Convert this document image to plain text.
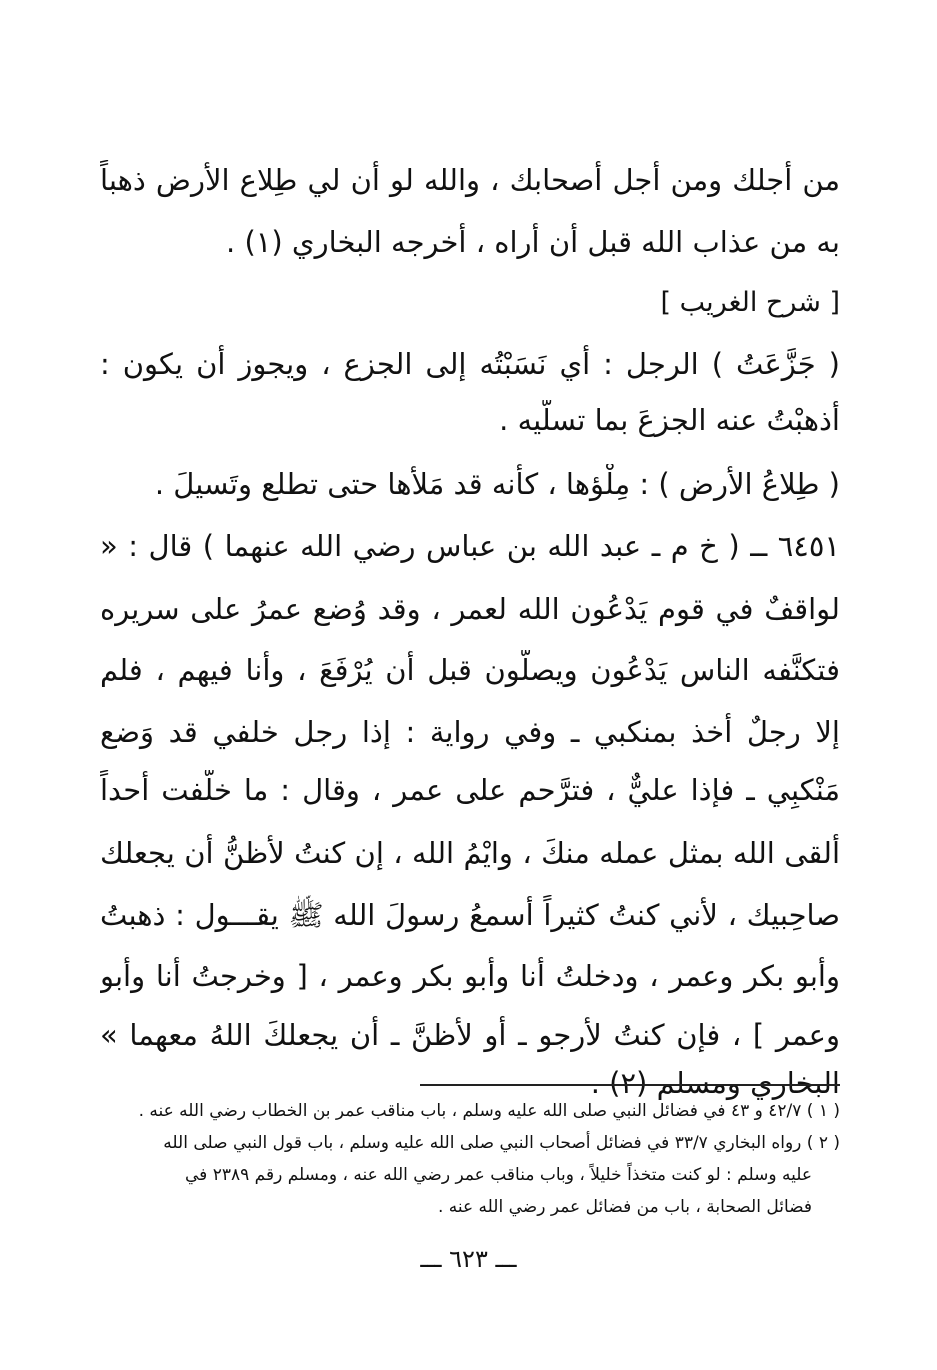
من أجلك ومن أجل أصحابك ، والله لو أن لي طِلاع الأرض ذهباً
به من عذاب الله قبل أن أراه ، أخرجه البخاري (١) .
[ شرح الغريب ]
( جَزَّعَتُ ) الرجل : أي نَسَبْتُه إلى الجزع ، ويجوز أن يكون :
أذهبْتُ عنه الجزعَ بما تسلّيه .
( طِلاعُ الأرض ) : مِلْؤها ، كأنه قد مَلأها حتى تطلع وتَسيلَ .
٦٤٥١ ــ ( خ م ـ عبد الله بن عباس رضي الله عنهما ) قال : «
لواقفٌ في قوم يَدْعُون الله لعمر ، وقد وُضع عمرُ على سريره
فتكنَّفه الناس يَدْعُون ويصلُّون قبل أن يُرْفَعَ ، وأنا فيهم ، فلم
إلا رجلٌ أخذ بمنكبي ـ وفي رواية : إذا رجل خلفي قد وَضع
مَنْكبِي ـ فإذا عليٌّ ، فترَّحم على عمر ، وقال : ما خلَّفت أحداً
ألقى الله بمثل عمله منكَ ، وايْمُ الله ، إن كنتُ لأظنُّ أن يجعلك
صاحِبيك ، لأني كنتُ كثيراً أسمعُ رسولَ الله ﷺ يقـــول : ذهبتُ
وأبو بكر وعمر ، ودخلتُ أنا وأبو بكر وعمر ، [ وخرجتُ أنا وأبو
وعمر ] ، فإن كنتُ لأرجو ـ أو لأظنَّ ـ أن يجعلكَ اللهُ معهما »
البخاري ومسلم (٢) .
( ١ ) ٤٢/٧ و ٤٣ في فضائل النبي صلى الله عليه وسلم ، باب مناقب عمر بن الخطاب رضي الله عنه .
( ٢ ) رواه البخاري ٣٣/٧ في فضائل أصحاب النبي صلى الله عليه وسلم ، باب قول النبي صلى الله
عليه وسلم : لو كنت متخذاً خليلاً ، وباب مناقب عمر رضي الله عنه ، ومسلم رقم ٢٣٨٩ في
فضائل الصحابة ، باب من فضائل عمر رضي الله عنه .
ـــ ٦٢٣ ـــ
